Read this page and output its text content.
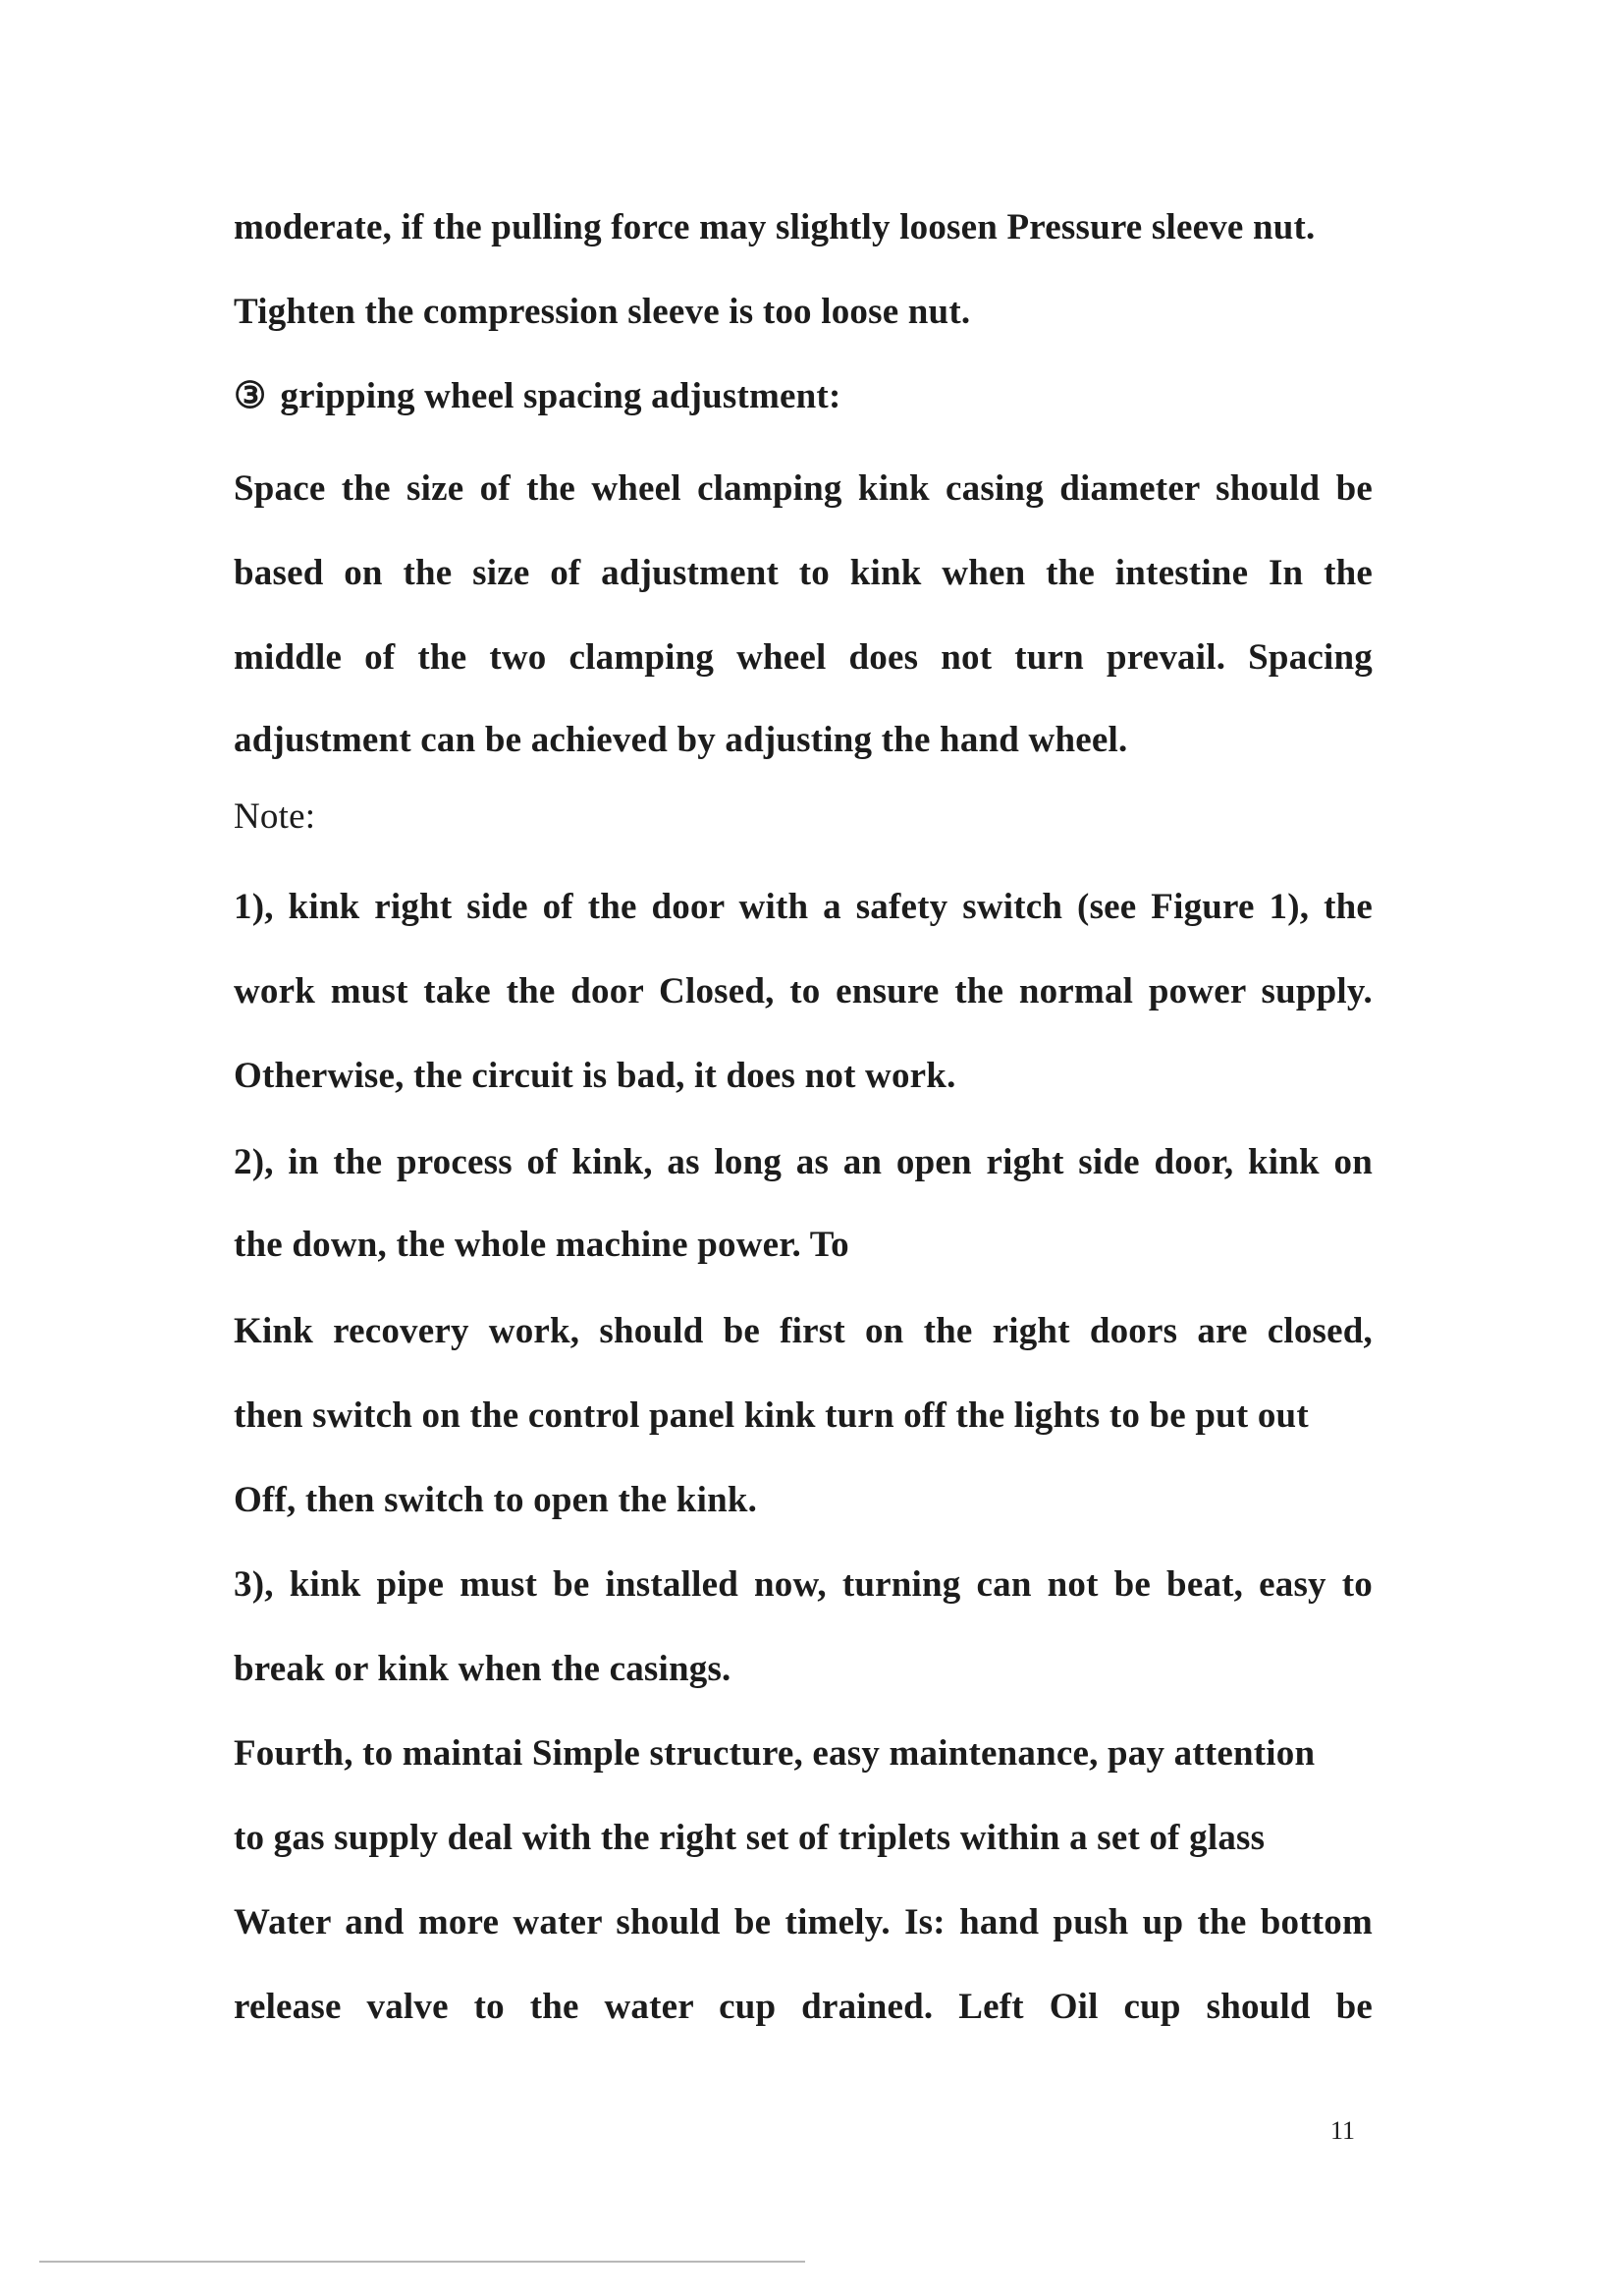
moderate, if the pulling force may slightly loosen Pressure sleeve nut.
Tighten the compression sleeve is too loose nut.
③ gripping wheel spacing adjustment:
Space the size of the wheel clamping kink casing diameter should be
based on the size of adjustment to kink when the intestine In the
middle of the two clamping wheel does not turn prevail. Spacing
adjustment can be achieved by adjusting the hand wheel.
Note:
1), kink right side of the door with a safety switch (see Figure 1), the
work must take the door Closed, to ensure the normal power supply.
Otherwise, the circuit is bad, it does not work.
2), in the process of kink, as long as an open right side door, kink on
the down, the whole machine power. To
Kink recovery work, should be first on the right doors are closed,
then switch on the control panel kink turn off the lights to be put out
Off, then switch to open the kink.
3), kink pipe must be installed now, turning can not be beat, easy to
break or kink when the casings.
Fourth, to maintai Simple structure, easy maintenance, pay attention
to gas supply deal with the right set of triplets within a set of glass
Water and more water should be timely. Is: hand push up the bottom
release valve to the water cup drained. Left Oil cup should be
11
